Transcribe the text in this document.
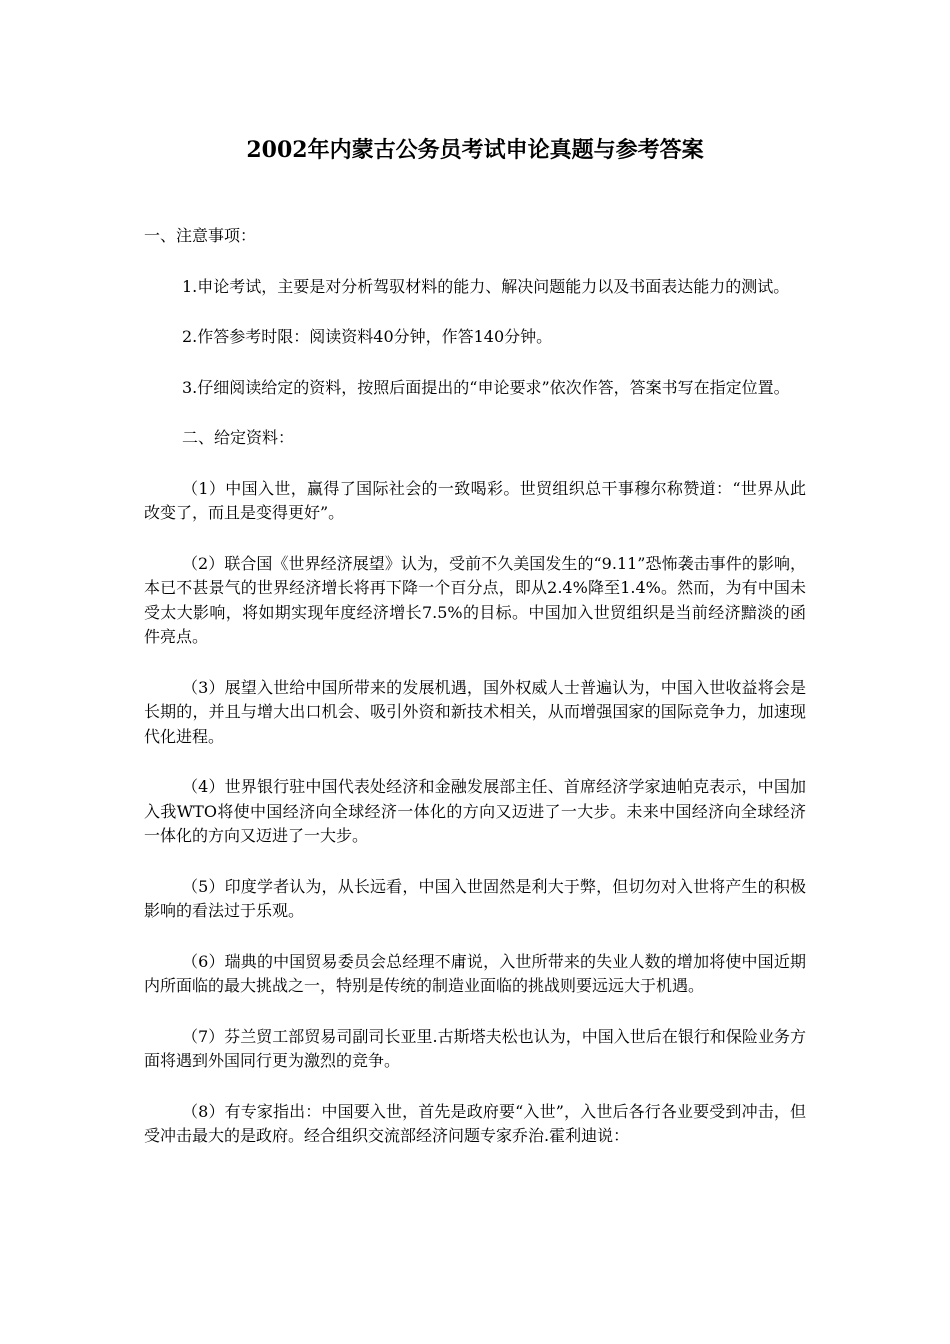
2002年内蒙古公务员考试申论真题与参考答案

一、注意事项：

1.申论考试，主要是对分析驾驭材料的能力、解决问题能力以及书面表达能力的测试。

2.作答参考时限：阅读资料40分钟，作答140分钟。

3.仔细阅读给定的资料，按照后面提出的“申论要求”依次作答，答案书写在指定位置。

二、给定资料：

（1）中国入世，赢得了国际社会的一致喝彩。世贸组织总干事穆尔称赞道：“世界从此改变了，而且是变得更好”。

（2）联合国《世界经济展望》认为，受前不久美国发生的“9.11”恐怖袭击事件的影响，本已不甚景气的世界经济增长将再下降一个百分点，即从2.4%降至1.4%。然而，为有中国未受太大影响，将如期实现年度经济增长7.5%的目标。中国加入世贸组织是当前经济黯淡的函件亮点。

（3）展望入世给中国所带来的发展机遇，国外权威人士普遍认为，中国入世收益将会是长期的，并且与增大出口机会、吸引外资和新技术相关，从而增强国家的国际竞争力，加速现代化进程。

（4）世界银行驻中国代表处经济和金融发展部主任、首席经济学家迪帕克表示，中国加入我WTO将使中国经济向全球经济一体化的方向又迈进了一大步。未来中国经济向全球经济一体化的方向又迈进了一大步。

（5）印度学者认为，从长远看，中国入世固然是利大于弊，但切勿对入世将产生的积极影响的看法过于乐观。

（6）瑞典的中国贸易委员会总经理不庸说，入世所带来的失业人数的增加将使中国近期内所面临的最大挑战之一，特别是传统的制造业面临的挑战则要远远大于机遇。

（7）芬兰贸工部贸易司副司长亚里.古斯塔夫松也认为，中国入世后在银行和保险业务方面将遇到外国同行更为激烈的竞争。

（8）有专家指出：中国要入世，首先是政府要“入世”，入世后各行各业要受到冲击，但受冲击最大的是政府。经合组织交流部经济问题专家乔治.霍利迪说：
